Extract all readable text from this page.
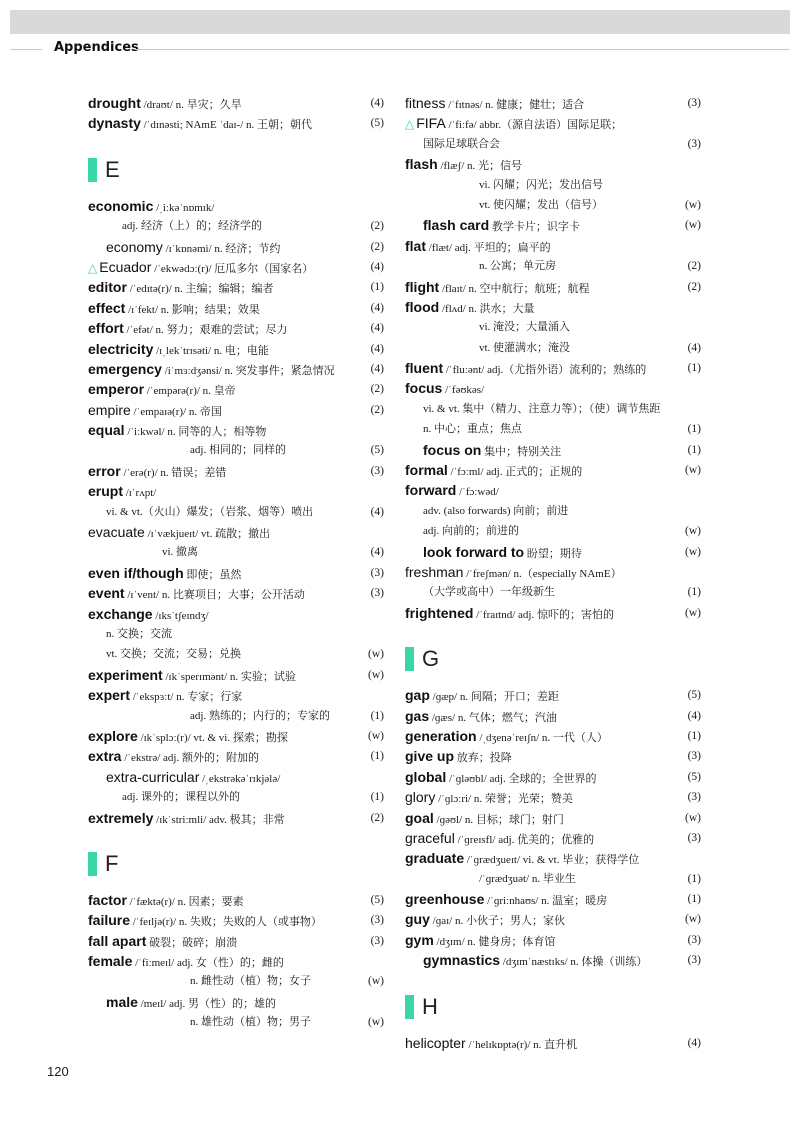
Appendices
drought /draʊt/ n. 旱灾；久旱	(4)
dynasty /ˈdɪnəsti; NAmE ˈdaɪ-/ n. 王朝；朝代	(5)
E
economic /ˌiːkəˈnɒmɪk/
adj. 经济（上）的；经济学的	(2)
economy /ɪˈkɒnəmi/ n. 经济；节约	(2)
△ Ecuador /ˈekwədɔː(r)/ 厄瓜多尔（国家名）	(4)
editor /ˈedɪtə(r)/ n. 主编；编辑；编者	(1)
effect /ɪˈfekt/ n. 影响；结果；效果	(4)
effort /ˈefət/ n. 努力；艰难的尝试；尽力	(4)
electricity /ɪˌlekˈtrɪsəti/ n. 电；电能	(4)
emergency /iˈmɜːdʒənsi/ n. 突发事件；紧急情况	(4)
emperor /ˈempərə(r)/ n. 皇帝	(2)
empire /ˈempaɪə(r)/ n. 帝国	(2)
equal /ˈiːkwəl/ n. 同等的人；相等物
adj. 相同的；同样的	(5)
error /ˈerə(r)/ n. 错误；差错	(3)
erupt /ɪˈrʌpt/
vi. & vt.（火山）爆发；（岩浆、烟等）喷出	(4)
evacuate /ɪˈvækjueɪt/ vt. 疏散；撤出
vi. 撤离	(4)
even if/though 即使；虽然	(3)
event /ɪˈvent/ n. 比赛项目；大事；公开活动	(3)
exchange /ɪksˈtʃeɪndʒ/
n. 交换；交流
vt. 交换；交流；交易；兑换	(w)
experiment /ɪkˈsperɪmənt/ n. 实验；试验	(w)
expert /ˈekspɜːt/ n. 专家；行家
adj. 熟练的；内行的；专家的	(1)
explore /ɪkˈsplɔː(r)/ vt. & vi. 探索；勘探	(w)
extra /ˈekstrə/ adj. 额外的；附加的	(1)
extra-curricular /ˌekstrəkəˈrɪkjələ/
adj. 课外的；课程以外的	(1)
extremely /ɪkˈstriːmli/ adv. 极其；非常	(2)
F
factor /ˈfæktə(r)/ n. 因素；要素	(5)
failure /ˈfeɪljə(r)/ n. 失败；失败的人（或事物）	(3)
fall apart 破裂；破碎；崩溃	(3)
female /ˈfiːmeɪl/ adj. 女（性）的；雌的
n. 雌性动（植）物；女子	(w)
male /meɪl/ adj. 男（性）的；雄的
n. 雄性动（植）物；男子	(w)
fitness /ˈfɪtnəs/ n. 健康；健壮；适合	(3)
△ FIFA /ˈfiːfə/ abbr.（源自法语）国际足联；
国际足球联合会	(3)
flash /flæʃ/ n. 光；信号
vi. 闪耀；闪光；发出信号
vt. 使闪耀；发出（信号）	(w)
flash card 教学卡片；识字卡	(w)
flat /flæt/ adj. 平坦的；扁平的
n. 公寓；单元房	(2)
flight /flaɪt/ n. 空中航行；航班；航程	(2)
flood /flʌd/ n. 洪水；大量
vi. 淹没；大量涌入
vt. 使灌满水；淹没	(4)
fluent /ˈfluːənt/ adj.（尤指外语）流利的；熟练的	(1)
focus /ˈfəʊkəs/
vi. & vt. 集中（精力、注意力等）；（使）调节焦距
n. 中心；重点；焦点	(1)
focus on 集中；特别关注	(1)
formal /ˈfɔːml/ adj. 正式的；正规的	(w)
forward /ˈfɔːwəd/
adv. (also forwards) 向前；前进
adj. 向前的；前进的	(w)
look forward to 盼望；期待	(w)
freshman /ˈfreʃmən/ n.（especially NAmE）
（大学或高中）一年级新生	(1)
frightened /ˈfraɪtnd/ adj. 惊吓的；害怕的	(w)
G
gap /ɡæp/ n. 间隔；开口；差距	(5)
gas /ɡæs/ n. 气体；燃气；汽油	(4)
generation /ˌdʒenəˈreɪʃn/ n. 一代（人）	(1)
give up 放弃；投降	(3)
global /ˈɡləʊbl/ adj. 全球的；全世界的	(5)
glory /ˈɡlɔːri/ n. 荣誉；光荣；赞美	(3)
goal /ɡəʊl/ n. 目标；球门；射门	(w)
graceful /ˈɡreɪsfl/ adj. 优美的；优雅的	(3)
graduate /ˈɡrædʒueɪt/ vi. & vt. 毕业；获得学位
/ˈɡrædʒuət/ n. 毕业生	(1)
greenhouse /ˈɡriːnhaʊs/ n. 温室；暖房	(1)
guy /ɡaɪ/ n. 小伙子；男人；家伙	(w)
gym /dʒɪm/ n. 健身房；体育馆	(3)
gymnastics /dʒɪmˈnæstɪks/ n. 体操（训练）	(3)
H
helicopter /ˈhelɪkɒptə(r)/ n. 直升机	(4)
120
